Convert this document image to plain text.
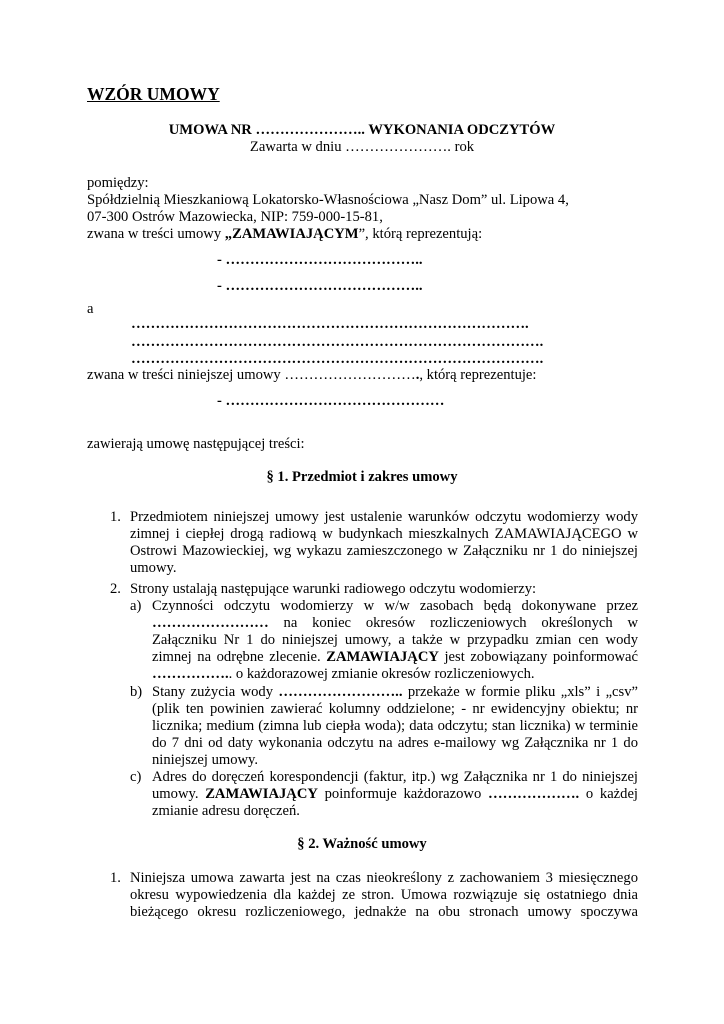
WZÓR UMOWY
UMOWA NR ………………….. WYKONANIA ODCZYTÓW
Zawarta w dniu …………………. rok
pomiędzy:
Spółdzielnią Mieszkaniową Lokatorsko-Własnościowa „Nasz Dom” ul. Lipowa 4,
07-300 Ostrów Mazowiecka, NIP: 759-000-15-81,
zwana w treści umowy „ZAMAWIAJĄCYM”, którą reprezentują:
- …………………………………..
- …………………………………..
a
……………………………………………………………………….
………………………………………………………………………….
………………………………………………………………………….
zwana w treści niniejszej umowy ………………………., którą reprezentuje:
- ………………………………………
zawierają umowę następującej treści:
§ 1. Przedmiot i zakres umowy
1. Przedmiotem niniejszej umowy jest ustalenie warunków odczytu wodomierzy wody
zimnej i ciepłej drogą radiową w budynkach mieszkalnych ZAMAWIAJĄCEGO w
Ostrowi Mazowieckiej, wg wykazu zamieszczonego w Załączniku nr 1 do niniejszej
umowy.
2. Strony ustalają następujące warunki radiowego odczytu wodomierzy:
a) Czynności odczytu wodomierzy w w/w zasobach będą dokonywane przez
…………………… na koniec okresów rozliczeniowych określonych w
Załączniku Nr 1 do niniejszej umowy, a także w przypadku zmian cen wody
zimnej na odrębne zlecenie. ZAMAWIAJĄCY jest zobowiązany poinformować
…………….. o każdorazowej zmianie okresów rozliczeniowych.
b) Stany zużycia wody …………………….. przekaże w formie pliku „xls” i „csv”
(plik ten powinien zawierać kolumny oddzielone; - nr ewidencyjny obiektu; nr
licznika; medium (zimna lub ciepła woda); data odczytu; stan licznika) w terminie
do 7 dni od daty wykonania odczytu na adres e-mailowy wg Załącznika nr 1 do
niniejszej umowy.
c) Adres do doręczeń korespondencji (faktur, itp.) wg Załącznika nr 1 do niniejszej
umowy. ZAMAWIAJĄCY poinformuje każdorazowo ………………. o każdej
zmianie adresu doręczeń.
§ 2. Ważność umowy
1. Niniejsza umowa zawarta jest na czas nieokreślony z zachowaniem 3 miesięcznego
okresu wypowiedzenia dla każdej ze stron. Umowa rozwiązuje się ostatniego dnia
bieżącego okresu rozliczeniowego, jednakże na obu stronach umowy spoczywa
